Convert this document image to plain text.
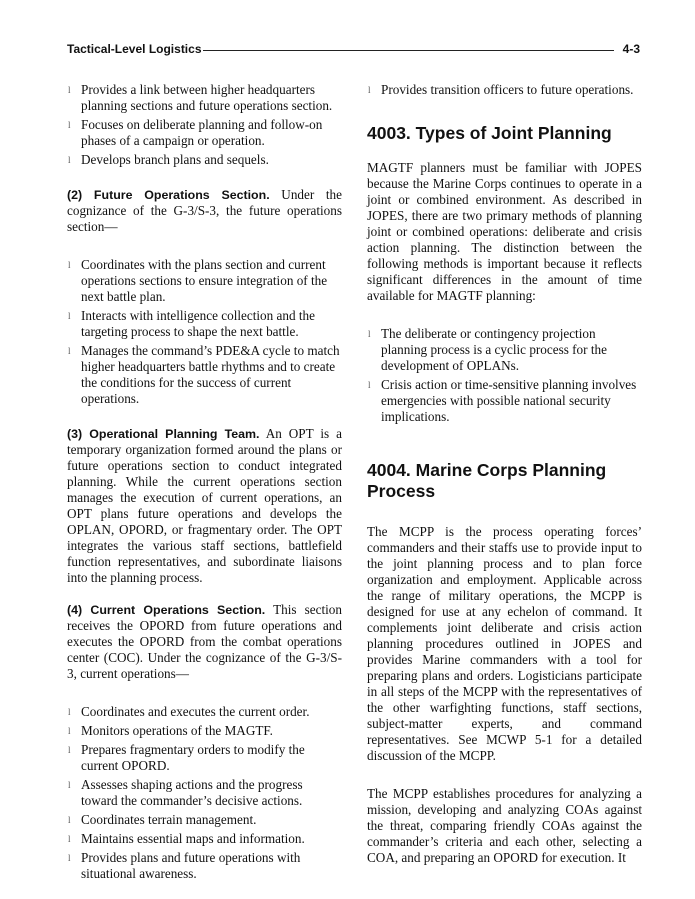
Tactical-Level Logistics	4-3
l Provides a link between higher headquarters planning sections and future operations section.
l Focuses on deliberate planning and follow-on phases of a campaign or operation.
l Develops branch plans and sequels.

(2) Future Operations Section. Under the cognizance of the G-3/S-3, the future operations section—

l Coordinates with the plans section and current operations sections to ensure integration of the next battle plan.
l Interacts with intelligence collection and the targeting process to shape the next battle.
l Manages the command’s PDE&A cycle to match higher headquarters battle rhythms and to create the conditions for the success of current operations.

(3) Operational Planning Team. An OPT is a temporary organization formed around the plans or future operations section to conduct integrated planning. While the current operations section manages the execution of current operations, an OPT plans future operations and develops the OPLAN, OPORD, or fragmentary order. The OPT integrates the various staff sections, battlefield function representatives, and subordinate liaisons into the planning process.

(4) Current Operations Section. This section receives the OPORD from future operations and executes the OPORD from the combat operations center (COC). Under the cognizance of the G-3/S-3, current operations—

l Coordinates and executes the current order.
l Monitors operations of the MAGTF.
l Prepares fragmentary orders to modify the current OPORD.
l Assesses shaping actions and the progress toward the commander’s decisive actions.
l Coordinates terrain management.
l Maintains essential maps and information.
l Provides plans and future operations with situational awareness.
l Provides transition officers to future operations.
4003. Types of Joint Planning

MAGTF planners must be familiar with JOPES because the Marine Corps continues to operate in a joint or combined environment. As described in JOPES, there are two primary methods of planning joint or combined operations: deliberate and crisis action planning. The distinction between the following methods is important because it reflects significant differences in the amount of time available for MAGTF planning:

l The deliberate or contingency projection planning process is a cyclic process for the development of OPLANs.
l Crisis action or time-sensitive planning involves emergencies with possible national security implications.
4004. Marine Corps Planning Process

The MCPP is the process operating forces’ commanders and their staffs use to provide input to the joint planning process and to plan force organization and employment. Applicable across the range of military operations, the MCPP is designed for use at any echelon of command. It complements joint deliberate and crisis action planning procedures outlined in JOPES and provides Marine commanders with a tool for preparing plans and orders. Logisticians participate in all steps of the MCPP with the representatives of the other warfighting functions, staff sections, subject-matter experts, and command representatives. See MCWP 5-1 for a detailed discussion of the MCPP.

The MCPP establishes procedures for analyzing a mission, developing and analyzing COAs against the threat, comparing friendly COAs against the commander’s criteria and each other, selecting a COA, and preparing an OPORD for execution. It
